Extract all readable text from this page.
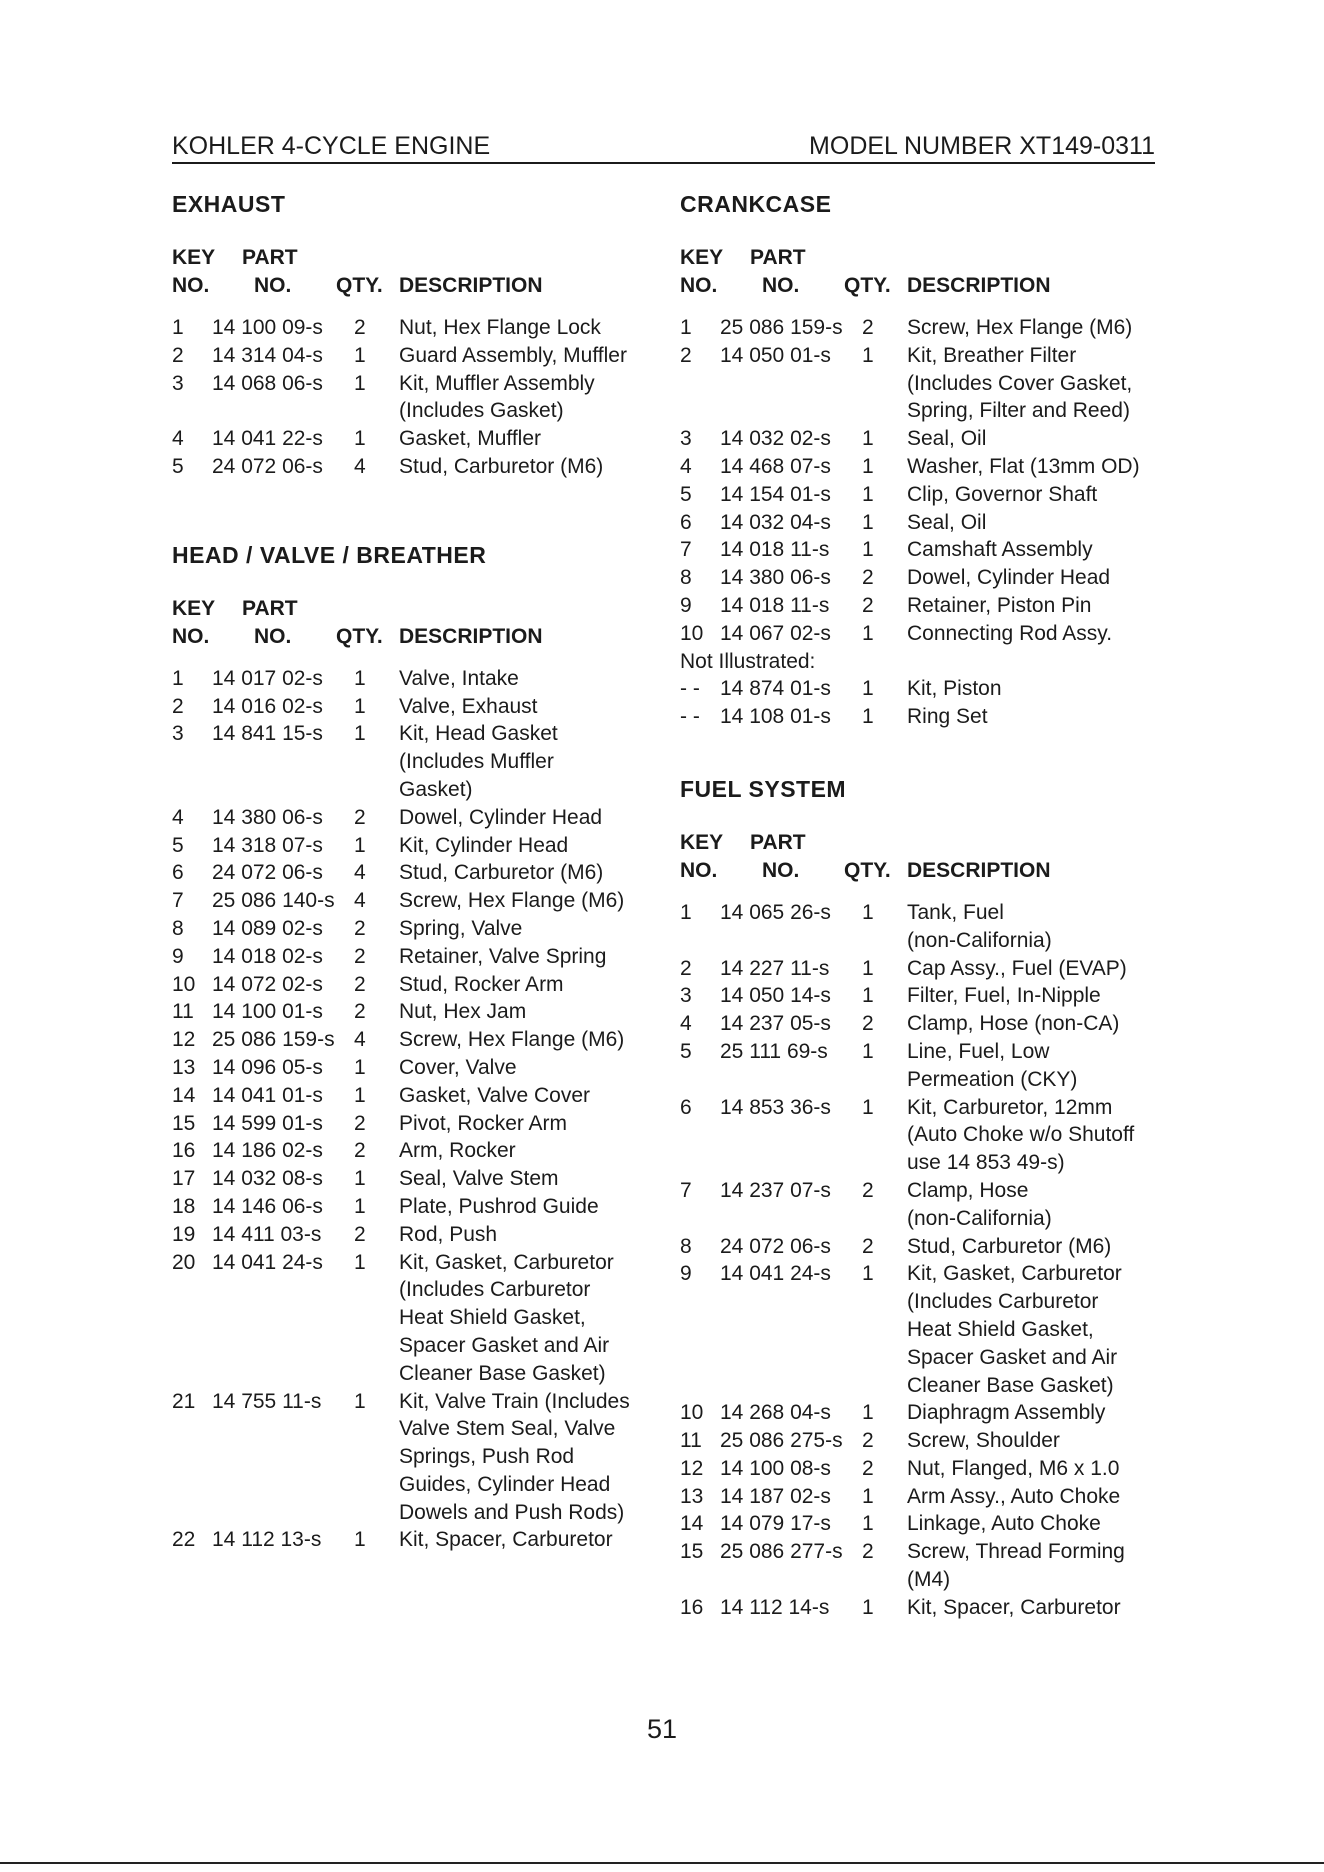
KOHLER 4-CYCLE ENGINE	MODEL NUMBER XT149-0311
EXHAUST
KEY PART
NO. NO. QTY. DESCRIPTION
1 14 100 09-s 2 Nut, Hex Flange Lock
2 14 314 04-s 1 Guard Assembly, Muffler
3 14 068 06-s 1 Kit, Muffler Assembly
(Includes Gasket)
4 14 041 22-s 1 Gasket, Muffler
5 24 072 06-s 4 Stud, Carburetor (M6)
HEAD / VALVE / BREATHER
KEY PART
NO. NO. QTY. DESCRIPTION
1 14 017 02-s 1 Valve, Intake
2 14 016 02-s 1 Valve, Exhaust
3 14 841 15-s 1 Kit, Head Gasket
(Includes Muffler
Gasket)
4 14 380 06-s 2 Dowel, Cylinder Head
5 14 318 07-s 1 Kit, Cylinder Head
6 24 072 06-s 4 Stud, Carburetor (M6)
7 25 086 140-s 4 Screw, Hex Flange (M6)
8 14 089 02-s 2 Spring, Valve
9 14 018 02-s 2 Retainer, Valve Spring
10 14 072 02-s 2 Stud, Rocker Arm
11 14 100 01-s 2 Nut, Hex Jam
12 25 086 159-s 4 Screw, Hex Flange (M6)
13 14 096 05-s 1 Cover, Valve
14 14 041 01-s 1 Gasket, Valve Cover
15 14 599 01-s 2 Pivot, Rocker Arm
16 14 186 02-s 2 Arm, Rocker
17 14 032 08-s 1 Seal, Valve Stem
18 14 146 06-s 1 Plate, Pushrod Guide
19 14 411 03-s 2 Rod, Push
20 14 041 24-s 1 Kit, Gasket, Carburetor
(Includes Carburetor
Heat Shield Gasket,
Spacer Gasket and Air
Cleaner Base Gasket)
21 14 755 11-s 1 Kit, Valve Train (Includes
Valve Stem Seal, Valve
Springs, Push Rod
Guides, Cylinder Head
Dowels and Push Rods)
22 14 112 13-s 1 Kit, Spacer, Carburetor
CRANKCASE
KEY PART
NO. NO. QTY. DESCRIPTION
1 25 086 159-s 2 Screw, Hex Flange (M6)
2 14 050 01-s 1 Kit, Breather Filter
(Includes Cover Gasket,
Spring, Filter and Reed)
3 14 032 02-s 1 Seal, Oil
4 14 468 07-s 1 Washer, Flat (13mm OD)
5 14 154 01-s 1 Clip, Governor Shaft
6 14 032 04-s 1 Seal, Oil
7 14 018 11-s 1 Camshaft Assembly
8 14 380 06-s 2 Dowel, Cylinder Head
9 14 018 11-s 2 Retainer, Piston Pin
10 14 067 02-s 1 Connecting Rod Assy.
Not Illustrated:
- - 14 874 01-s 1 Kit, Piston
- - 14 108 01-s 1 Ring Set
FUEL SYSTEM
KEY PART
NO. NO. QTY. DESCRIPTION
1 14 065 26-s 1 Tank, Fuel
(non-California)
2 14 227 11-s 1 Cap Assy., Fuel (EVAP)
3 14 050 14-s 1 Filter, Fuel, In-Nipple
4 14 237 05-s 2 Clamp, Hose (non-CA)
5 25 111 69-s 1 Line, Fuel, Low
Permeation (CKY)
6 14 853 36-s 1 Kit, Carburetor, 12mm
(Auto Choke w/o Shutoff
use 14 853 49-s)
7 14 237 07-s 2 Clamp, Hose
(non-California)
8 24 072 06-s 2 Stud, Carburetor (M6)
9 14 041 24-s 1 Kit, Gasket, Carburetor
(Includes Carburetor
Heat Shield Gasket,
Spacer Gasket and Air
Cleaner Base Gasket)
10 14 268 04-s 1 Diaphragm Assembly
11 25 086 275-s 2 Screw, Shoulder
12 14 100 08-s 2 Nut, Flanged, M6 x 1.0
13 14 187 02-s 1 Arm Assy., Auto Choke
14 14 079 17-s 1 Linkage, Auto Choke
15 25 086 277-s 2 Screw, Thread Forming
(M4)
16 14 112 14-s 1 Kit, Spacer, Carburetor
51
